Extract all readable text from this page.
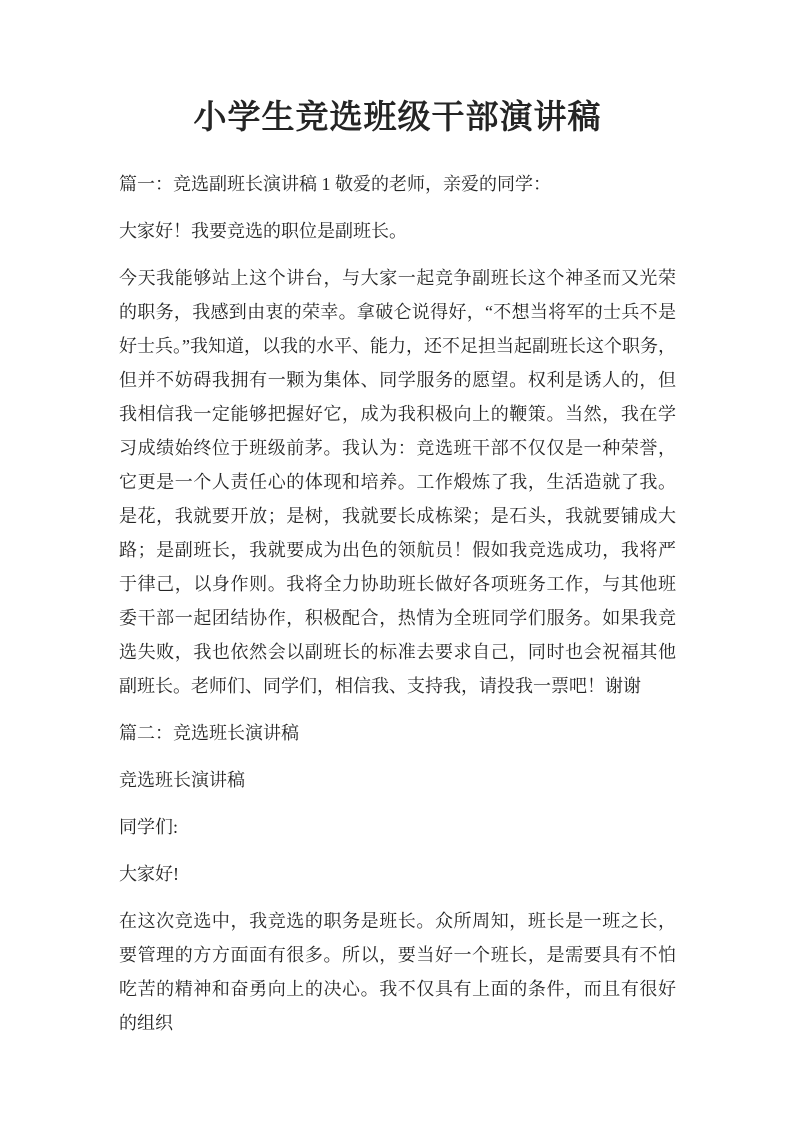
小学生竞选班级干部演讲稿

篇一：竞选副班长演讲稿 1 敬爱的老师，亲爱的同学：

大家好！我要竞选的职位是副班长。

今天我能够站上这个讲台，与大家一起竞争副班长这个神圣而又光荣的职务，我感到由衷的荣幸。拿破仑说得好，“不想当将军的士兵不是好士兵。”我知道，以我的水平、能力，还不足担当起副班长这个职务，但并不妨碍我拥有一颗为集体、同学服务的愿望。权利是诱人的，但我相信我一定能够把握好它，成为我积极向上的鞭策。当然，我在学习成绩始终位于班级前茅。我认为：竞选班干部不仅仅是一种荣誉，它更是一个人责任心的体现和培养。工作煅炼了我，生活造就了我。是花，我就要开放；是树，我就要长成栋梁；是石头，我就要铺成大路；是副班长，我就要成为出色的领航员！假如我竞选成功，我将严于律己，以身作则。我将全力协助班长做好各项班务工作，与其他班委干部一起团结协作，积极配合，热情为全班同学们服务。如果我竞选失败，我也依然会以副班长的标准去要求自己，同时也会祝福其他副班长。老师们、同学们，相信我、支持我，请投我一票吧！谢谢

篇二：竞选班长演讲稿

竞选班长演讲稿

同学们:

大家好!

在这次竞选中，我竞选的职务是班长。众所周知，班长是一班之长，要管理的方方面面有很多。所以，要当好一个班长，是需要具有不怕吃苦的精神和奋勇向上的决心。我不仅具有上面的条件，而且有很好的组织
